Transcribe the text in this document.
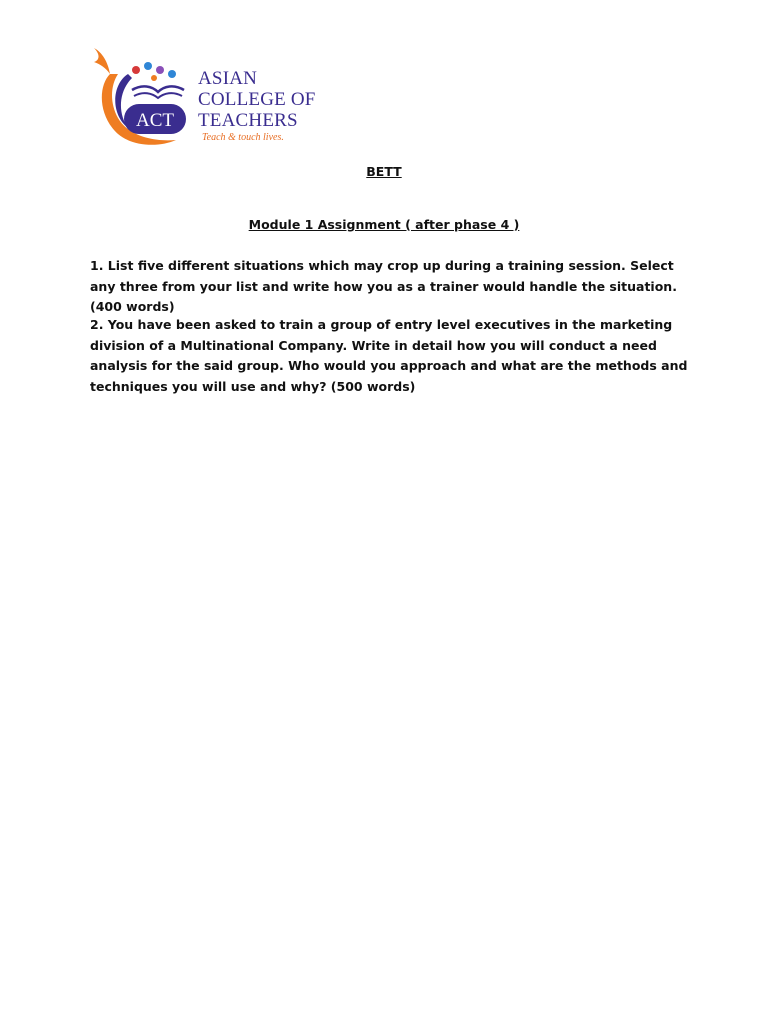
ACT
ASIAN
COLLEGE OF
TEACHERS
Teach & touch lives.
BETT
Module 1 Assignment ( after phase 4 )

1. List five different situations which may crop up during a training session. Select any three from your list and write how you as a trainer would handle the situation. (400 words)

2. You have been asked to train a group of entry level executives in the marketing division of a Multinational Company. Write in detail how you will conduct a need analysis for the said group. Who would you approach and what are the methods and techniques you will use and why? (500 words)
